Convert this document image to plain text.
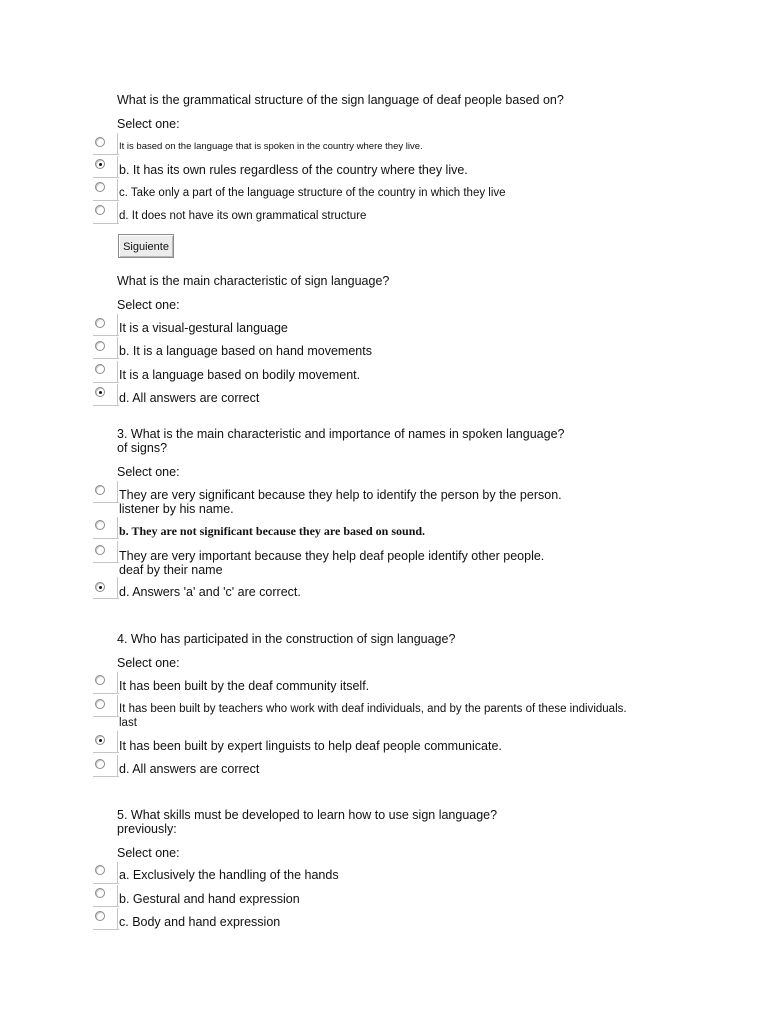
What is the grammatical structure of the sign language of deaf people based on?
Select one:
It is based on the language that is spoken in the country where they live.
b. It has its own rules regardless of the country where they live.
c. Take only a part of the language structure of the country in which they live
d. It does not have its own grammatical structure
Siguiente
What is the main characteristic of sign language?
Select one:
It is a visual-gestural language
b. It is a language based on hand movements
It is a language based on bodily movement.
d. All answers are correct
3. What is the main characteristic and importance of names in spoken language?
of signs?
Select one:
They are very significant because they help to identify the person by the person.
listener by his name.
b. They are not significant because they are based on sound.
They are very important because they help deaf people identify other people.
deaf by their name
d. Answers 'a' and 'c' are correct.
4. Who has participated in the construction of sign language?
Select one:
It has been built by the deaf community itself.
It has been built by teachers who work with deaf individuals, and by the parents of these individuals.
last
It has been built by expert linguists to help deaf people communicate.
d. All answers are correct
5. What skills must be developed to learn how to use sign language?
previously:
Select one:
a. Exclusively the handling of the hands
b. Gestural and hand expression
c. Body and hand expression
